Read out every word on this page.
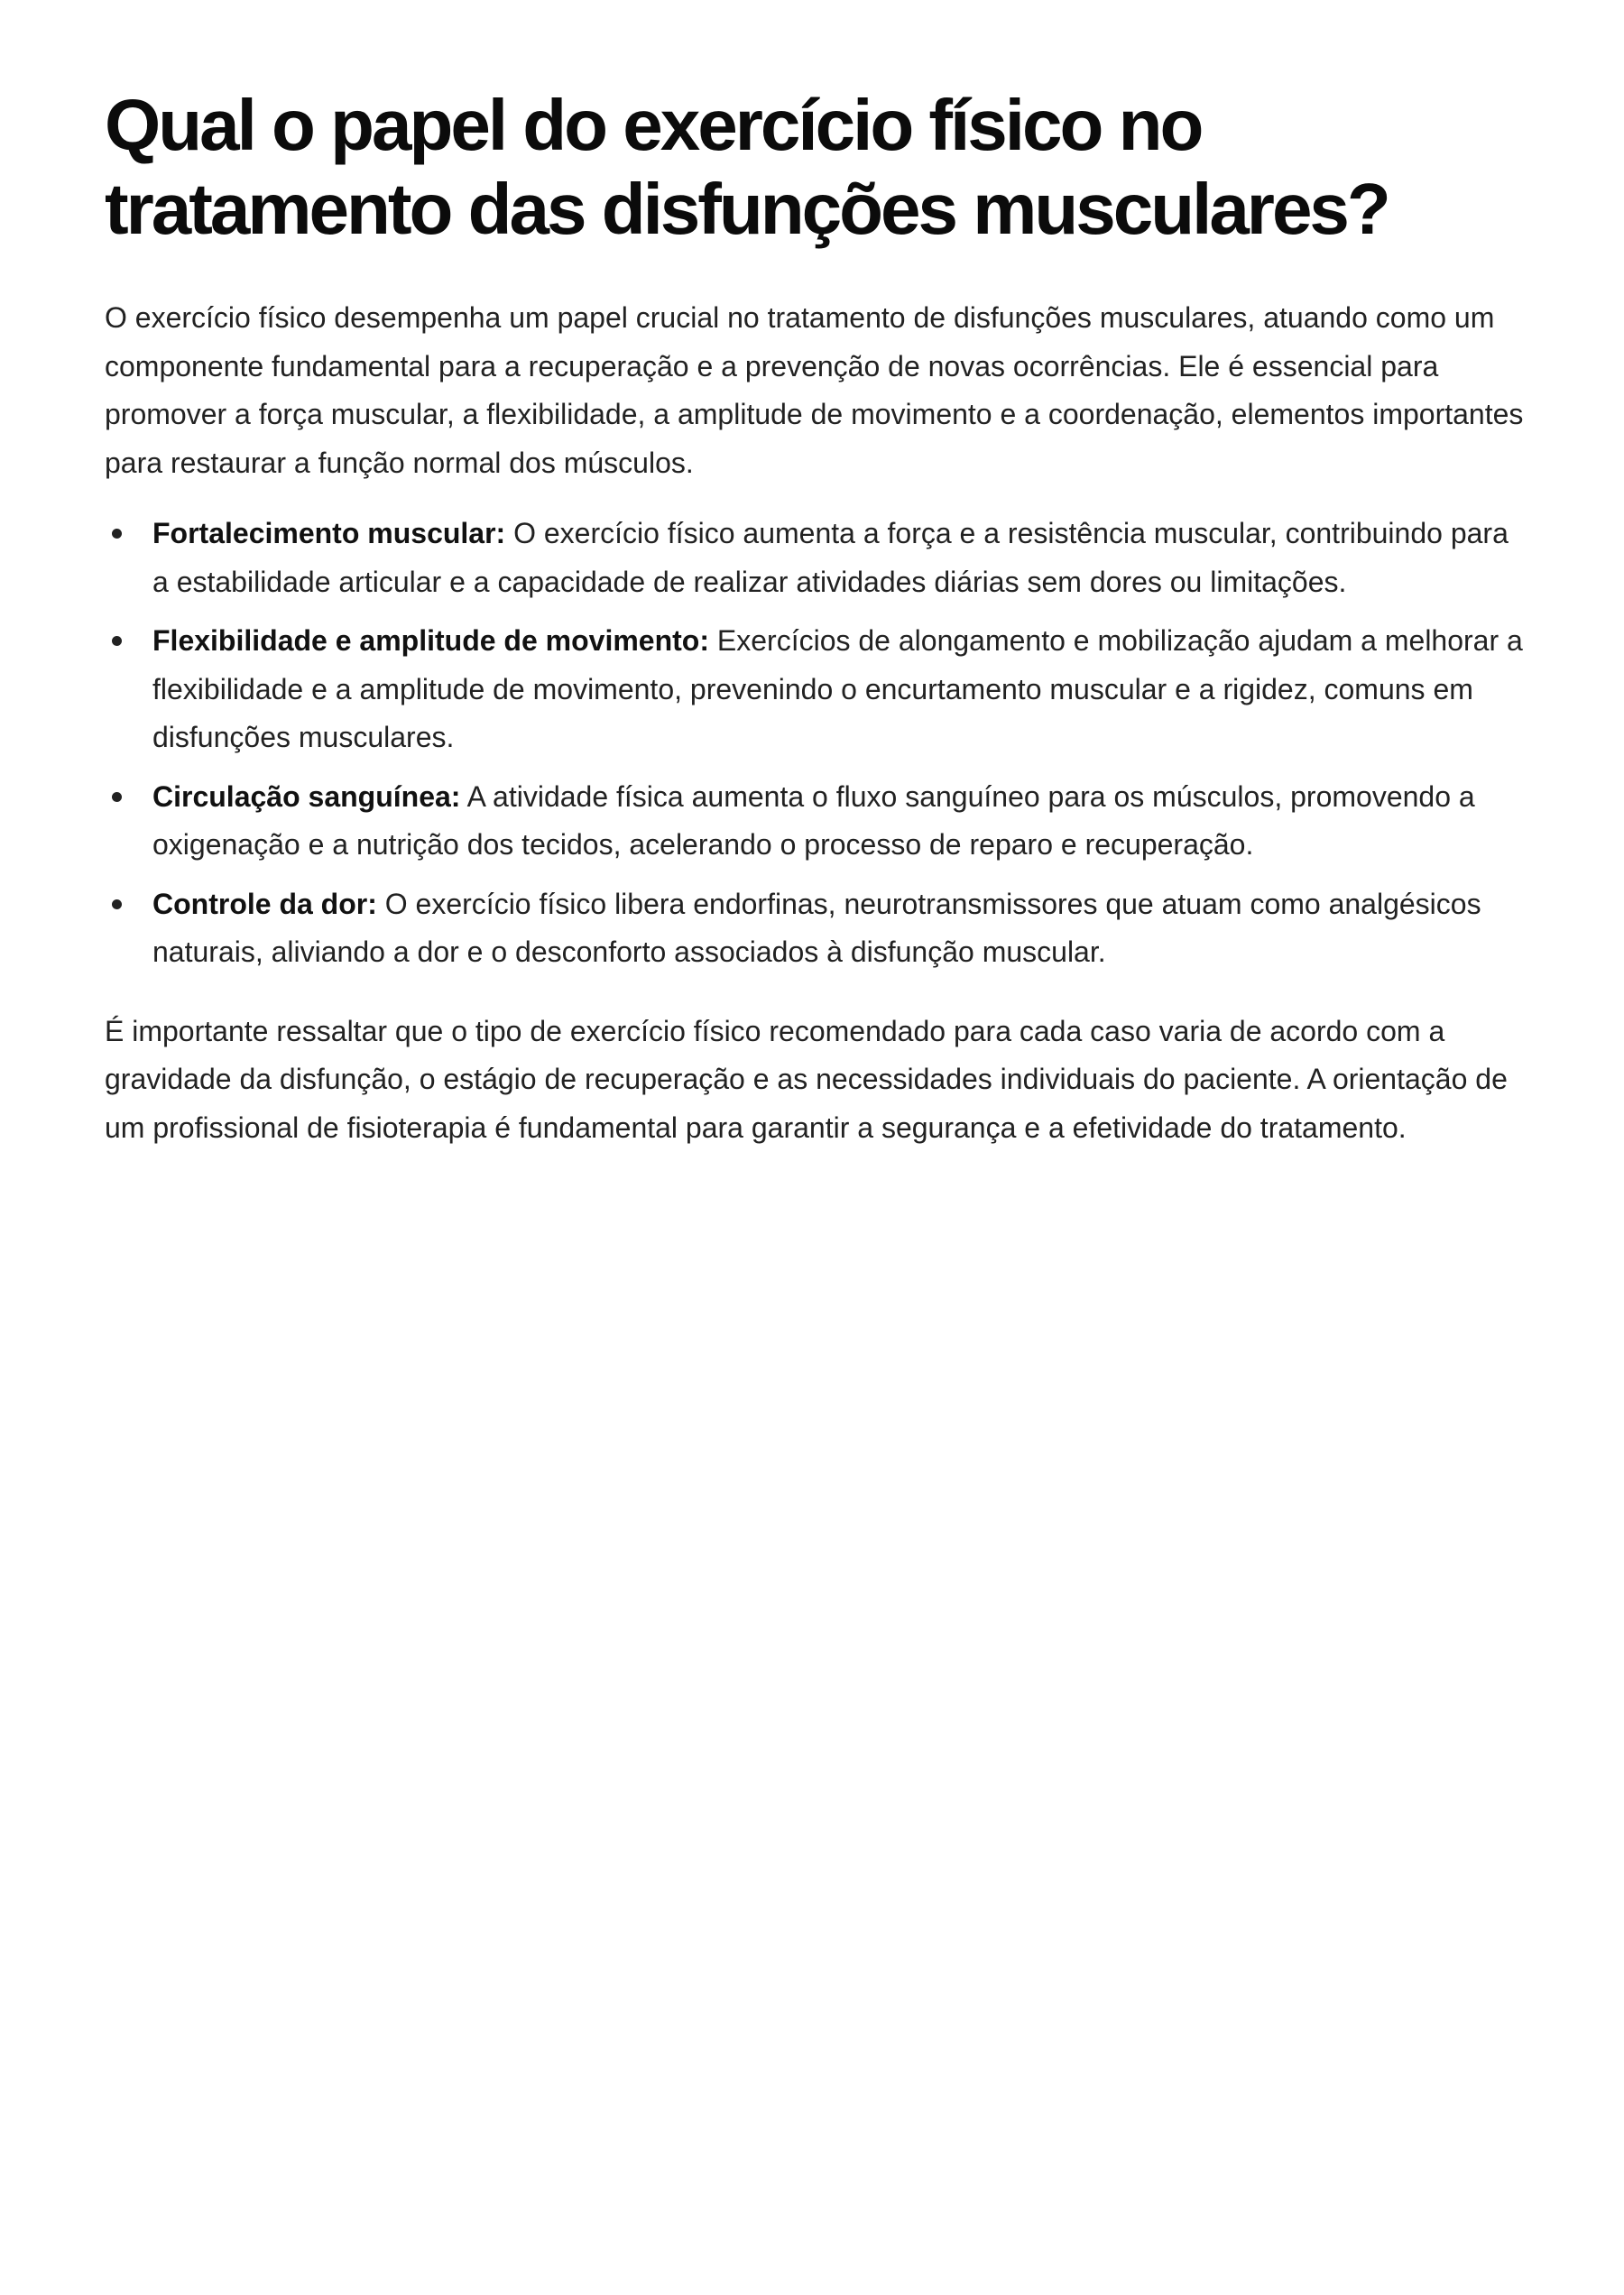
Qual o papel do exercício físico no tratamento das disfunções musculares?

O exercício físico desempenha um papel crucial no tratamento de disfunções musculares, atuando como um componente fundamental para a recuperação e a prevenção de novas ocorrências. Ele é essencial para promover a força muscular, a flexibilidade, a amplitude de movimento e a coordenação, elementos importantes para restaurar a função normal dos músculos.

Fortalecimento muscular: O exercício físico aumenta a força e a resistência muscular, contribuindo para a estabilidade articular e a capacidade de realizar atividades diárias sem dores ou limitações.
Flexibilidade e amplitude de movimento: Exercícios de alongamento e mobilização ajudam a melhorar a flexibilidade e a amplitude de movimento, prevenindo o encurtamento muscular e a rigidez, comuns em disfunções musculares.
Circulação sanguínea: A atividade física aumenta o fluxo sanguíneo para os músculos, promovendo a oxigenação e a nutrição dos tecidos, acelerando o processo de reparo e recuperação.
Controle da dor: O exercício físico libera endorfinas, neurotransmissores que atuam como analgésicos naturais, aliviando a dor e o desconforto associados à disfunção muscular.

É importante ressaltar que o tipo de exercício físico recomendado para cada caso varia de acordo com a gravidade da disfunção, o estágio de recuperação e as necessidades individuais do paciente. A orientação de um profissional de fisioterapia é fundamental para garantir a segurança e a efetividade do tratamento.
